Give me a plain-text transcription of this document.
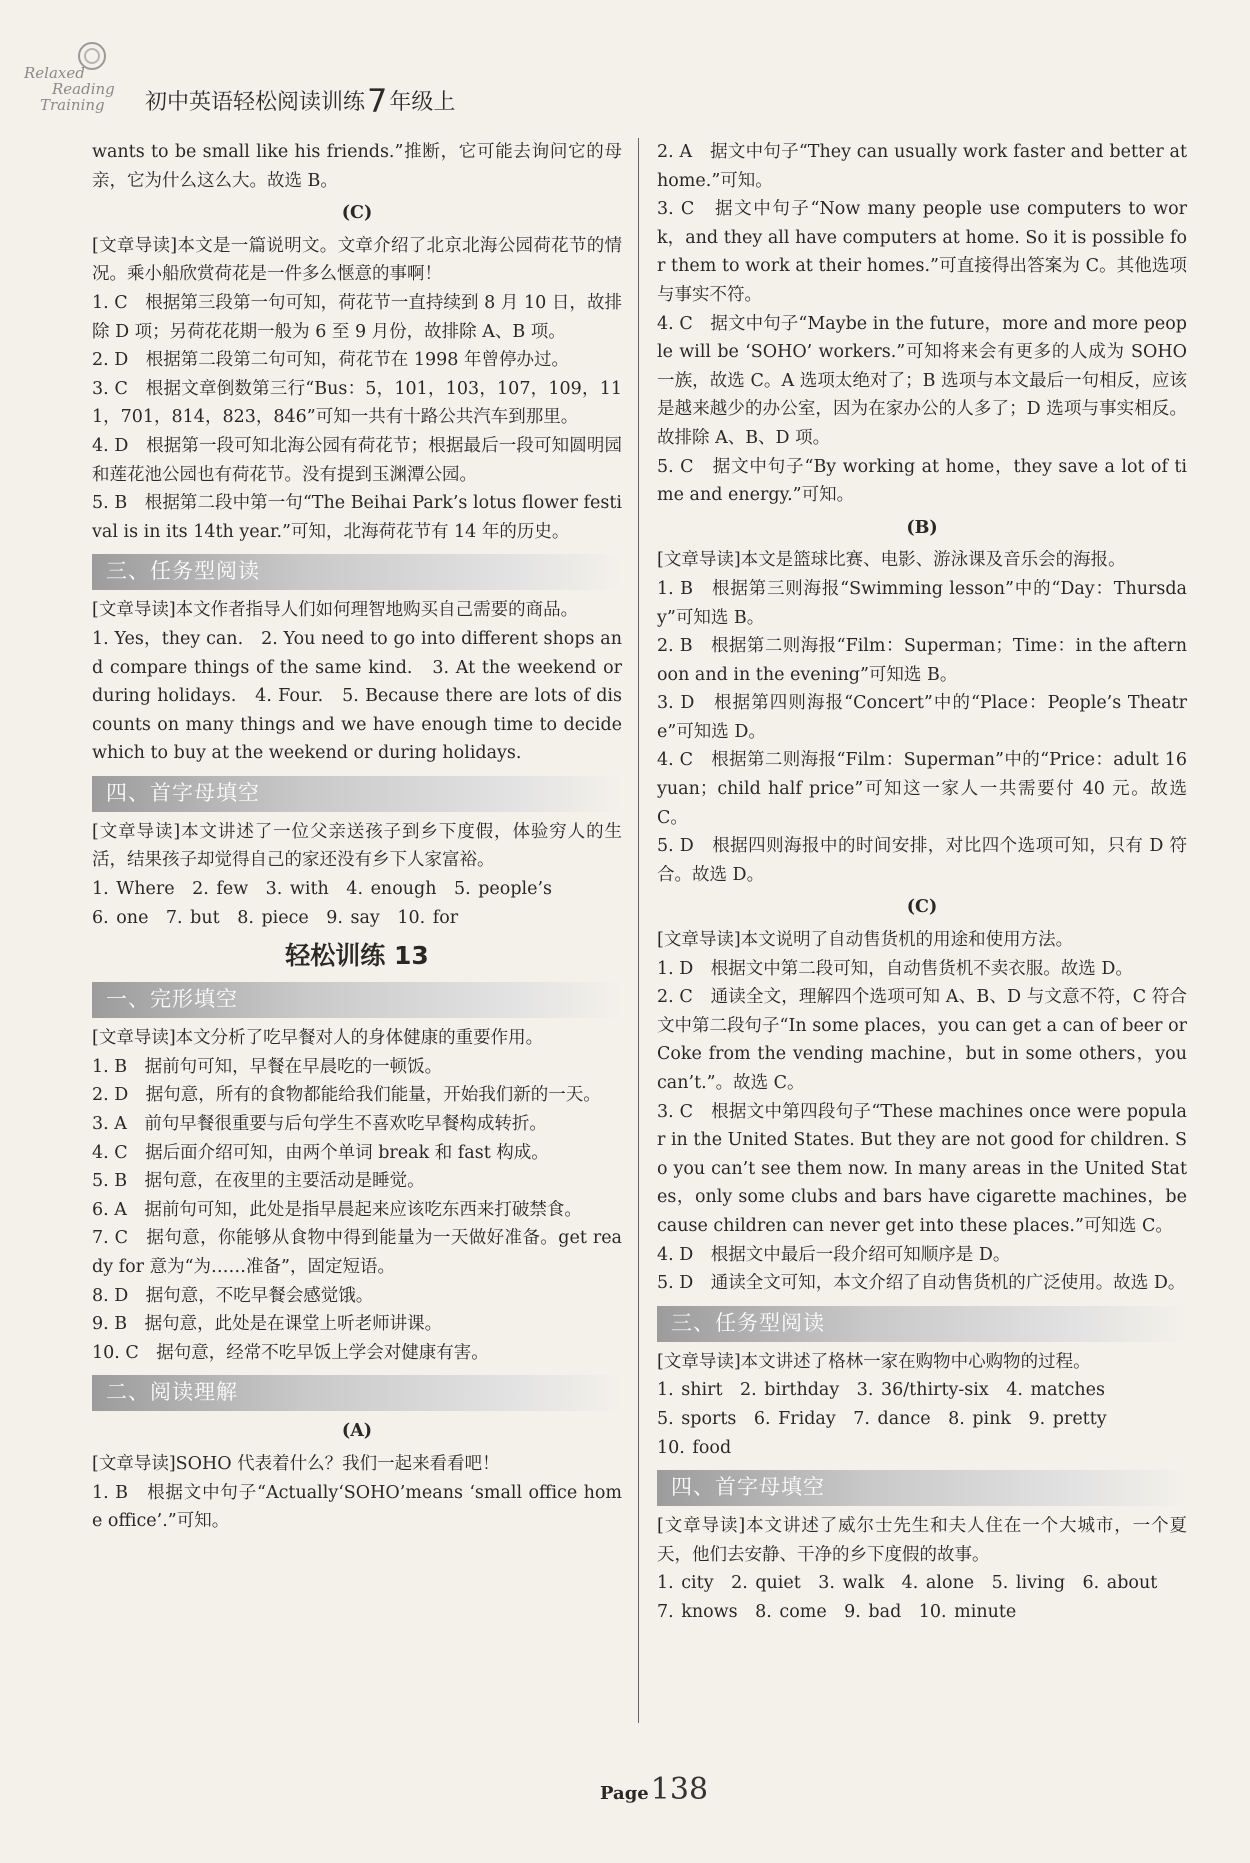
Relaxed
Reading
Training 初中英语轻松阅读训练7年级上

wants to be small like his friends.”推断，它可能去询问它的母亲，它为什么这么大。故选 B。

(C)

[文章导读]本文是一篇说明文。文章介绍了北京北海公园荷花节的情况。乘小船欣赏荷花是一件多么惬意的事啊！

1. C　根据第三段第一句可知，荷花节一直持续到 8 月 10 日，故排除 D 项；另荷花花期一般为 6 至 9 月份，故排除 A、B 项。

2. D　根据第二段第二句可知，荷花节在 1998 年曾停办过。

3. C　根据文章倒数第三行“Bus：5，101，103，107，109，111，701，814，823，846”可知一共有十路公共汽车到那里。

4. D　根据第一段可知北海公园有荷花节；根据最后一段可知圆明园和莲花池公园也有荷花节。没有提到玉渊潭公园。

5. B　根据第二段中第一句“The Beihai Park’s lotus flower festival is in its 14th year.”可知，北海荷花节有 14 年的历史。

三、任务型阅读

[文章导读]本文作者指导人们如何理智地购买自己需要的商品。

1. Yes，they can.　2. You need to go into different shops and compare things of the same kind.　3. At the weekend or during holidays.　4. Four.　5. Because there are lots of discounts on many things and we have enough time to decide which to buy at the weekend or during holidays.

四、首字母填空

[文章导读]本文讲述了一位父亲送孩子到乡下度假，体验穷人的生活，结果孩子却觉得自己的家还没有乡下人家富裕。

1. Where　2. few　3. with　4. enough　5. people’s

6. one　7. but　8. piece　9. say　10. for

轻松训练 13
一、完形填空

[文章导读]本文分析了吃早餐对人的身体健康的重要作用。

1. B　据前句可知，早餐在早晨吃的一顿饭。

2. D　据句意，所有的食物都能给我们能量，开始我们新的一天。

3. A　前句早餐很重要与后句学生不喜欢吃早餐构成转折。

4. C　据后面介绍可知，由两个单词 break 和 fast 构成。

5. B　据句意，在夜里的主要活动是睡觉。

6. A　据前句可知，此处是指早晨起来应该吃东西来打破禁食。

7. C　据句意，你能够从食物中得到能量为一天做好准备。get ready for 意为“为……准备”，固定短语。

8. D　据句意，不吃早餐会感觉饿。

9. B　据句意，此处是在课堂上听老师讲课。

10. C　据句意，经常不吃早饭上学会对健康有害。

二、阅读理解
(A)

[文章导读]SOHO 代表着什么？我们一起来看看吧！

1. B　根据文中句子“Actually‘SOHO’means ‘small office home office’.”可知。

2. A　据文中句子“They can usually work faster and better at home.”可知。

3. C　据文中句子“Now many people use computers to work，and they all have computers at home. So it is possible for them to work at their homes.”可直接得出答案为 C。其他选项与事实不符。

4. C　据文中句子“Maybe in the future，more and more people will be ‘SOHO’ workers.”可知将来会有更多的人成为 SOHO 一族，故选 C。A 选项太绝对了；B 选项与本文最后一句相反，应该是越来越少的办公室，因为在家办公的人多了；D 选项与事实相反。故排除 A、B、D 项。

5. C　据文中句子“By working at home，they save a lot of time and energy.”可知。

(B)

[文章导读]本文是篮球比赛、电影、游泳课及音乐会的海报。

1. B　根据第三则海报“Swimming lesson”中的“Day：Thursday”可知选 B。

2. B　根据第二则海报“Film：Superman；Time：in the afternoon and in the evening”可知选 B。

3. D　根据第四则海报“Concert”中的“Place：People’s Theatre”可知选 D。

4. C　根据第二则海报“Film：Superman”中的“Price：adult 16 yuan；child half price”可知这一家人一共需要付 40 元。故选 C。

5. D　根据四则海报中的时间安排，对比四个选项可知，只有 D 符合。故选 D。

(C)

[文章导读]本文说明了自动售货机的用途和使用方法。

1. D　根据文中第二段可知，自动售货机不卖衣服。故选 D。

2. C　通读全文，理解四个选项可知 A、B、D 与文意不符，C 符合文中第二段句子“In some places，you can get a can of beer or Coke from the vending machine，but in some others，you can’t.”。故选 C。

3. C　根据文中第四段句子“These machines once were popular in the United States. But they are not good for children. So you can’t see them now. In many areas in the United States，only some clubs and bars have cigarette machines，because children can never get into these places.”可知选 C。

4. D　根据文中最后一段介绍可知顺序是 D。

5. D　通读全文可知，本文介绍了自动售货机的广泛使用。故选 D。

三、任务型阅读

[文章导读]本文讲述了格林一家在购物中心购物的过程。

1. shirt　2. birthday　3. 36/thirty-six　4. matches

5. sports　6. Friday　7. dance　8. pink　9. pretty

10. food

四、首字母填空

[文章导读]本文讲述了威尔士先生和夫人住在一个大城市，一个夏天，他们去安静、干净的乡下度假的故事。

1. city　2. quiet　3. walk　4. alone　5. living　6. about

7. knows　8. come　9. bad　10. minute

Page138
